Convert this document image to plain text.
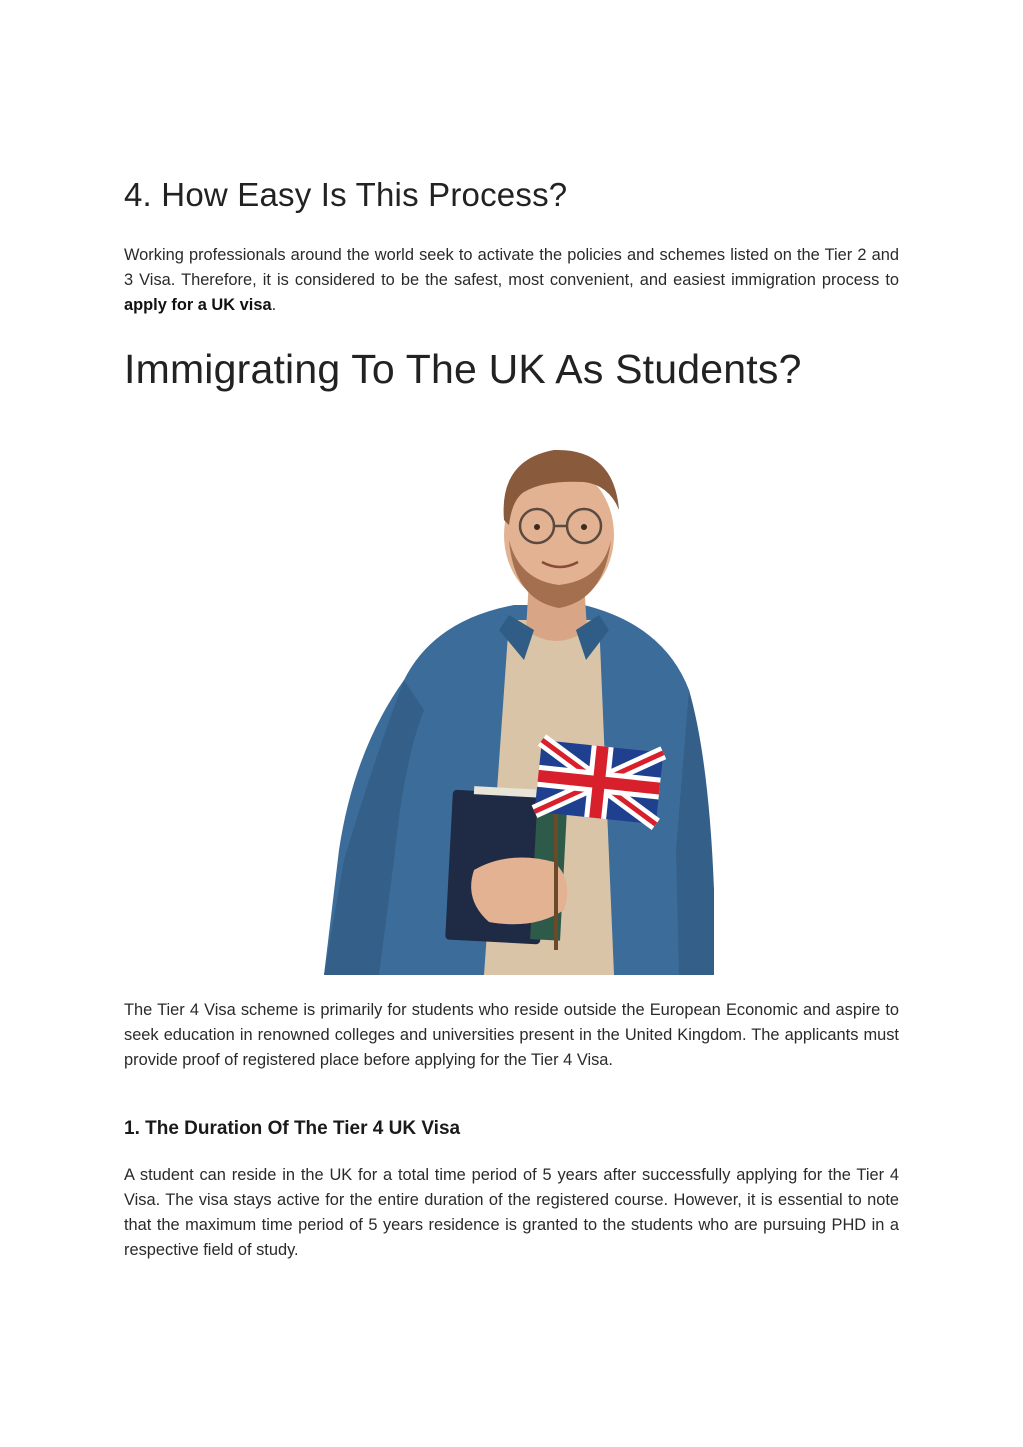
4. How Easy Is This Process?

Working professionals around the world seek to activate the policies and schemes listed on the Tier 2 and 3 Visa. Therefore, it is considered to be the safest, most convenient, and easiest immigration process to apply for a UK visa.

Immigrating To The UK As Students?

The Tier 4 Visa scheme is primarily for students who reside outside the European Economic and aspire to seek education in renowned colleges and universities present in the United Kingdom. The applicants must provide proof of registered place before applying for the Tier 4 Visa.

1. The Duration Of The Tier 4 UK Visa

A student can reside in the UK for a total time period of 5 years after successfully applying for the Tier 4 Visa. The visa stays active for the entire duration of the registered course. However, it is essential to note that the maximum time period of 5 years residence is granted to the students who are pursuing PHD in a respective field of study.
